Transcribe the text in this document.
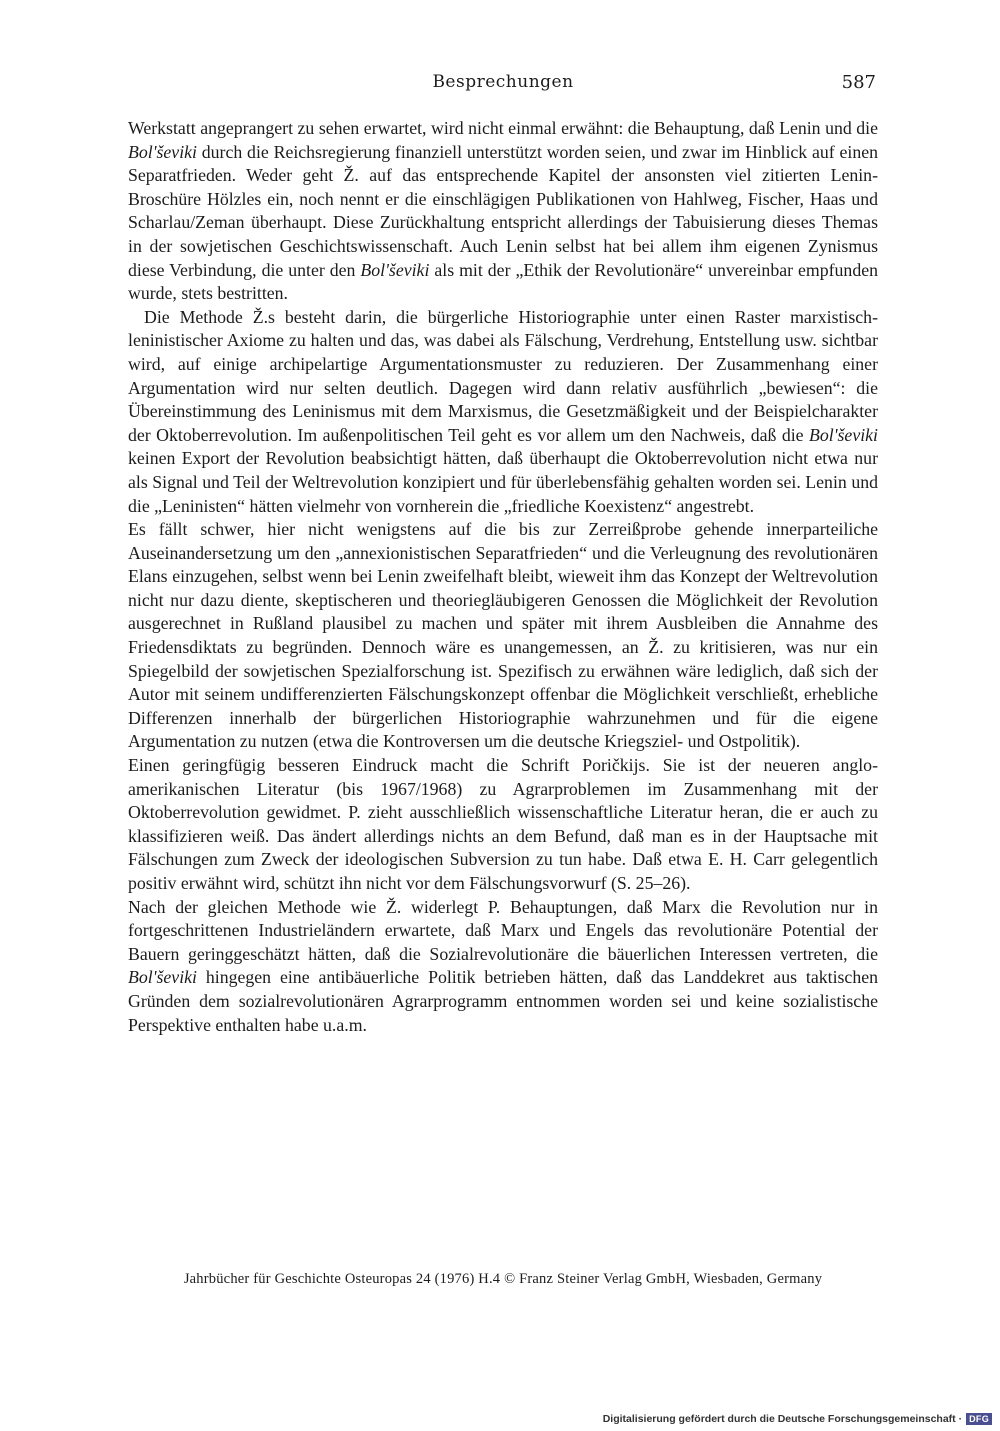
Besprechungen	587

Werkstatt angeprangert zu sehen erwartet, wird nicht einmal erwähnt: die Behauptung, daß Lenin und die Bol'ševiki durch die Reichsregierung finanziell unterstützt worden seien, und zwar im Hinblick auf einen Separatfrieden. Weder geht Ž. auf das entsprechende Kapitel der ansonsten viel zitierten Lenin-Broschüre Hölzles ein, noch nennt er die einschlägigen Publikationen von Hahlweg, Fischer, Haas und Scharlau/Zeman überhaupt. Diese Zurückhaltung entspricht allerdings der Tabuisierung dieses Themas in der sowjetischen Geschichtswissenschaft. Auch Lenin selbst hat bei allem ihm eigenen Zynismus diese Verbindung, die unter den Bol'ševiki als mit der „Ethik der Revolutionäre“ unvereinbar empfunden wurde, stets bestritten.

Die Methode Ž.s besteht darin, die bürgerliche Historiographie unter einen Raster marxistisch-leninistischer Axiome zu halten und das, was dabei als Fälschung, Verdrehung, Entstellung usw. sichtbar wird, auf einige archipelartige Argumentationsmuster zu reduzieren. Der Zusammenhang einer Argumentation wird nur selten deutlich. Dagegen wird dann relativ ausführlich „bewiesen“: die Übereinstimmung des Leninismus mit dem Marxismus, die Gesetzmäßigkeit und der Beispielcharakter der Oktoberrevolution. Im außenpolitischen Teil geht es vor allem um den Nachweis, daß die Bol'ševiki keinen Export der Revolution beabsichtigt hätten, daß überhaupt die Oktoberrevolution nicht etwa nur als Signal und Teil der Weltrevolution konzipiert und für überlebensfähig gehalten worden sei. Lenin und die „Leninisten“ hätten vielmehr von vornherein die „friedliche Koexistenz“ angestrebt.

Es fällt schwer, hier nicht wenigstens auf die bis zur Zerreißprobe gehende innerparteiliche Auseinandersetzung um den „annexionistischen Separatfrieden“ und die Verleugnung des revolutionären Elans einzugehen, selbst wenn bei Lenin zweifelhaft bleibt, wieweit ihm das Konzept der Weltrevolution nicht nur dazu diente, skeptischeren und theoriegläubigeren Genossen die Möglichkeit der Revolution ausgerechnet in Rußland plausibel zu machen und später mit ihrem Ausbleiben die Annahme des Friedensdiktats zu begründen. Dennoch wäre es unangemessen, an Ž. zu kritisieren, was nur ein Spiegelbild der sowjetischen Spezialforschung ist. Spezifisch zu erwähnen wäre lediglich, daß sich der Autor mit seinem undifferenzierten Fälschungskonzept offenbar die Möglichkeit verschließt, erhebliche Differenzen innerhalb der bürgerlichen Historiographie wahrzunehmen und für die eigene Argumentation zu nutzen (etwa die Kontroversen um die deutsche Kriegsziel- und Ostpolitik).

Einen geringfügig besseren Eindruck macht die Schrift Poričkijs. Sie ist der neueren anglo-amerikanischen Literatur (bis 1967/1968) zu Agrarproblemen im Zusammenhang mit der Oktoberrevolution gewidmet. P. zieht ausschließlich wissenschaftliche Literatur heran, die er auch zu klassifizieren weiß. Das ändert allerdings nichts an dem Befund, daß man es in der Hauptsache mit Fälschungen zum Zweck der ideologischen Subversion zu tun habe. Daß etwa E. H. Carr gelegentlich positiv erwähnt wird, schützt ihn nicht vor dem Fälschungsvorwurf (S. 25–26).

Nach der gleichen Methode wie Ž. widerlegt P. Behauptungen, daß Marx die Revolution nur in fortgeschrittenen Industrieländern erwartete, daß Marx und Engels das revolutionäre Potential der Bauern geringgeschätzt hätten, daß die Sozialrevolutionäre die bäuerlichen Interessen vertreten, die Bol'ševiki hingegen eine antibäuerliche Politik betrieben hätten, daß das Landdekret aus taktischen Gründen dem sozialrevolutionären Agrarprogramm entnommen worden sei und keine sozialistische Perspektive enthalten habe u.a.m.

Jahrbücher für Geschichte Osteuropas 24 (1976) H.4 © Franz Steiner Verlag GmbH, Wiesbaden, Germany
Digitalisierung gefördert durch die Deutsche Forschungsgemeinschaft · DFG
